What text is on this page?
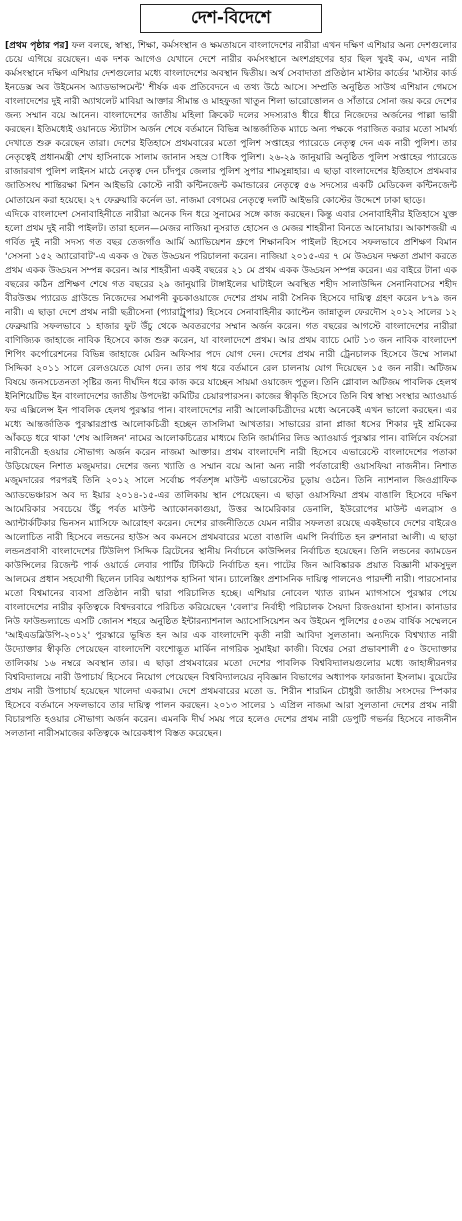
দেশ-বিদেশে

[প্রথম পৃষ্ঠার পর] ফল বলছে, স্বাস্থ্য, শিক্ষা, কর্মসংস্থান ও ক্ষমতায়নে বাংলাদেশের নারীরা এখন দক্ষিণ এশিয়ার অন্য দেশগুলোর চেয়ে এগিয়ে রয়েছেন। এক দশক আগেও যেখানে দেশে নারীর কর্মসংস্থানে অংশগ্রহণের হার ছিল খুবই কম, এখন নারী কর্মসংস্থানে দক্ষিণ এশিয়ার দেশগুলোর মধ্যে বাংলাদেশের অবস্থান দ্বিতীয়। অর্থ সেবাদাতা প্রতিষ্ঠান মাস্টার কার্ডের 'মাস্টার কার্ড ইনডেক্স অব উইমেনস অ্যাডভান্সমেন্ট' শীর্ষক এক প্রতিবেদনে এ তথ্য উঠে আসে। সম্প্রতি অনুষ্ঠিত সাউথ এশিয়ান গেমসে বাংলাদেশের দুই নারী অ্যাথলেট মাবিয়া আক্তার সীমান্ত ও মাহফুজা খাতুন শিলা ভারোত্তোলন ও সাঁতারে সোনা জয় করে দেশের জন্য সম্মান বয়ে আনেন। বাংলাদেশের জাতীয় মহিলা ক্রিকেট দলের সদস্যরাও ধীরে ধীরে নিজেদের অর্জনের পাল্লা ভারী করছেন। ইতিমধ্যেই ওয়ানডে স্ট্যাটাস অর্জন শেষে বর্তমানে বিভিন্ন আন্তর্জাতিক ম্যাচে অন্য পক্ষকে পরাজিত করার মতো সামর্থ্য দেখাতে শুরু করেছেন তারা। দেশের ইতিহাসে প্রথমবারের মতো পুলিশ সপ্তাহের প্যারেডে নেতৃত্ব দেন এক নারী পুলিশ। তার নেতৃত্বেই প্রধানমন্ত্রী শেখ হাসিনাকে সালাম জানান সহস্র াধিক পুলিশ। ২৬-২৯ জানুয়ারি অনুষ্ঠিত পুলিশ সপ্তাহের প্যারেডে রাজারবাগ পুলিশ লাইনস মাঠে নেতৃত্ব দেন চাঁদপুর জেলার পুলিশ সুপার শামসুন্নাহার। এ ছাড়া বাংলাদেশের ইতিহাসে প্রথমবার জাতিসংঘ শান্তিরক্ষা মিশন আইভরি কোস্টে নারী কন্টিনজেন্ট কমান্ডারের নেতৃত্বে ৫৬ সদস্যের একটি মেডিকেল কন্টিনজেন্ট মোতায়েন করা হয়েছে। ২৭ ফেব্রুয়ারি কর্নেল ডা. নাজমা বেগমের নেতৃত্বে দলটি আইভরি কোস্টের উদ্দেশে ঢাকা ছাড়ে।

এদিকে বাংলাদেশ সেনাবাহিনীতে নারীরা অনেক দিন ধরে সুনামের সঙ্গে কাজ করছেন। কিন্তু এবার সেনাবাহিনীর ইতিহাসে যুক্ত হলো প্রথম দুই নারী পাইলট। তারা হলেন—মেজর নাজিয়া নুসরাত হোসেন ও মেজর শাহরীনা বিনতে আনোয়ার। আকাশজয়ী এ গর্বিত দুই নারী সদস্য গত বছর তেজগাঁও আর্মি অ্যাভিয়েশন গ্রুপে শিক্ষানবিস পাইলট হিসেবে সফলভাবে প্রশিক্ষণ বিমান 'সেসনা ১৫২ অ্যারোবাট'-এ একক ও দ্বৈত উড্ডয়ন পরিচালনা করেন। নাজিয়া ২০১৫-এর ৭ মে উড্ডয়ন দক্ষতা প্রমাণ করতে প্রথম একক উড্ডয়ন সম্পন্ন করেন। আর শাহরীনা একই বছরের ২১ মে প্রথম একক উড্ডয়ন সম্পন্ন করেন। এর বাইরে টানা এক বছরের কঠিন প্রশিক্ষণ শেষে গত বছরের ২৯ জানুয়ারি টাঙ্গাইলের ঘাটাইলে অবস্থিত শহীদ সালাউদ্দিন সেনানিবাসের শহীদ বীরউত্তম প্যারেড গ্রাউন্ডে নিজেদের সমাপনী কুচকাওয়াজে দেশের প্রথম নারী সৈনিক হিসেবে দায়িত্ব গ্রহণ করেন ৮৭৯ জন নারী। এ ছাড়া দেশে প্রথম নারী ছত্রীসেনা (প্যারাট্রুপার) হিসেবে সেনাবাহিনীর ক্যাপ্টেন জান্নাতুল ফেরদৌস ২০১২ সালের ১২ ফেব্রুয়ারি সফলভাবে ১ হাজার ফুট উঁচু থেকে অবতরণের সম্মান অর্জন করেন। গত বছরের আগস্টে বাংলাদেশের নারীরা বাণিজ্যিক জাহাজে নাবিক হিসেবে কাজ শুরু করেন, যা বাংলাদেশে প্রথম। আর প্রথম ব্যাচে মোট ১৩ জন নাবিক বাংলাদেশ শিপিং কর্পোরেশনের বিভিন্ন জাহাজে মেরিন অফিসার পদে যোগ দেন। দেশের প্রথম নারী ট্রেনচালক হিসেবে উম্মে সালমা সিদ্দিকা ২০১১ সালে রেলওয়েতে যোগ দেন। তার পথ ধরে বর্তমানে রেল চালনায় যোগ দিয়েছেন ১৫ জন নারী। অটিজম বিষয়ে জনসচেতনতা সৃষ্টির জন্য দীর্ঘদিন ধরে কাজ করে যাচ্ছেন সায়মা ওয়াজেদ পুতুল। তিনি গ্লোবাল অটিজম পাবলিক হেলথ ইনিশিয়েটিভ ইন বাংলাদেশের জাতীয় উপদেষ্টা কমিটির চেয়ারপারসন। কাজের স্বীকৃতি হিসেবে তিনি বিশ্ব স্বাস্থ্য সংস্থার অ্যাওয়ার্ড ফর এক্সিলেন্স ইন পাবলিক হেলথ পুরস্কার পান। বাংলাদেশের নারী আলোকচিত্রীদের মধ্যে অনেকেই এখন ভালো করছেন। এর মধ্যে আন্তর্জাতিক পুরস্কারপ্রাপ্ত আলোকচিত্রী হচ্ছেন তাসলিমা আখতার। সাভারের রানা প্লাজা ধসের শিকার দুই শ্রমিকের আঁকড়ে ধরে থাকা 'শেষ আলিঙ্গন' নামের আলোকচিত্রের মাধ্যমে তিনি জার্মানির লিড অ্যাওয়ার্ড পুরস্কার পান। বার্লিনে বর্ষসেরা নারীনেত্রী হওয়ার সৌভাগ্য অর্জন করেন নাজমা আক্তার। প্রথম বাংলাদেশি নারী হিসেবে এভারেস্টে বাংলাদেশের পতাকা উড়িয়েছেন নিশাত মজুমদার। দেশের জন্য খ্যাতি ও সম্মান বয়ে আনা অন্য নারী পর্বতারোহী ওয়াসফিয়া নাজনীন। নিশাত মজুমদারের পরপরই তিনি ২০১২ সালে সর্বোচ্চ পর্বতশৃঙ্গ মাউন্ট এভারেস্টের চূড়ায় ওঠেন। তিনি ন্যাশনাল জিওগ্রাফিক অ্যাডভেঞ্চারস অব দ্য ইয়ার ২০১৪-১৫-এর তালিকায় স্থান পেয়েছেন। এ ছাড়া ওয়াসফিয়া প্রথম বাঙালি হিসেবে দক্ষিণ আমেরিকার সবচেয়ে উঁচু পর্বত মাউন্ট অ্যাকোনকাগুয়া, উত্তর আমেরিকার ডেনালি, ইউরোপের মাউন্ট এলব্রাস ও অ্যান্টার্কটিকার ভিনসন ম্যাসিফে আরোহণ করেন। দেশের রাজনীতিতে যেমন নারীর সফলতা রয়েছে একইভাবে দেশের বাইরেও আলোচিত নারী হিসেবে লন্ডনের হাউস অব কমনসে প্রথমবারের মতো বাঙালি এমপি নির্বাচিত হন রুশনারা আলী। এ ছাড়া লন্ডনপ্রবাসী বাংলাদেশের টিউলিপ সিদ্দিক ব্রিটেনের স্থানীয় নির্বাচনে কাউন্সিলর নির্বাচিত হয়েছেন। তিনি লন্ডনের ক্যামডেন কাউন্সিলের রিজেন্ট পার্ক ওয়ার্ডে লেবার পার্টির টিকিটে নির্বাচিত হন। পাটের জিন আবিষ্কারক প্রয়াত বিজ্ঞানী মাকসুদুল আলমের প্রধান সহযোগী ছিলেন ঢাবির অধ্যাপক হাসিনা খান। চ্যালেঞ্জিং প্রশাসনিক দায়িত্ব পালনেও পারদর্শী নারী। পারসোনার মতো বিশ্বমানের ব্যবসা প্রতিষ্ঠান নারী দ্বারা পরিচালিত হচ্ছে। এশিয়ার নোবেল খ্যাত র‍্যামন ম্যাগসাসে পুরস্কার পেয়ে বাংলাদেশের নারীর কৃতিত্বকে বিশ্বদরবারে পরিচিত করিয়েছেন 'বেলা'র নির্বাহী পরিচালক সৈয়দা রিজওয়ানা হাসান। কানাডার নিউ ফাউন্ডল্যান্ডে এসটি জোনস শহরে অনুষ্ঠিত ইন্টারন্যাশনাল অ্যাসোসিয়েশন অব উইমেন পুলিশের ৫০তম বার্ষিক সম্মেলনে 'আইএডব্লিউপি-২০১২' পুরস্কারে ভূষিত হন আর এক বাংলাদেশি কৃতী নারী আবিদা সুলতানা। অন্যদিকে বিশ্বখ্যাত নারী উদ্যোক্তার স্বীকৃতি পেয়েছেন বাংলাদেশি বংশোদ্ভূত মার্কিন নাগরিক সুমাইয়া কাজী। বিশ্বের সেরা প্রভাবশালী ৫০ উদ্যোক্তার তালিকায় ১৬ নম্বরে অবস্থান তার। এ ছাড়া প্রথমবারের মতো দেশের পাবলিক বিশ্ববিদ্যালয়গুলোর মধ্যে জাহাঙ্গীরনগর বিশ্ববিদ্যালয়ে নারী উপাচার্য হিসেবে নিয়োগ পেয়েছেন বিশ্ববিদ্যালয়ের নৃবিজ্ঞান বিভাগের অধ্যাপক ফারজানা ইসলাম। বুয়েটের প্রথম নারী উপাচার্য হয়েছেন খালেদা একরাম। দেশে প্রথমবারের মতো ড. শিরীন শারমিন চৌধুরী জাতীয় সংসদের স্পিকার হিসেবে বর্তমানে সফলভাবে তার দায়িত্ব পালন করছেন। ২০১৩ সালের ১ এপ্রিল নাজমা আরা সুলতানা দেশের প্রথম নারী বিচারপতি হওয়ার সৌভাগ্য অর্জন করেন। এমনকি দীর্ঘ সময় পরে হলেও দেশের প্রথম নারী ডেপুটি গভর্নর হিসেবে নাজনীন সলতানা নারীসমাজের কতিত্বকে আরেকধাপ বিস্তত করেছেন।
